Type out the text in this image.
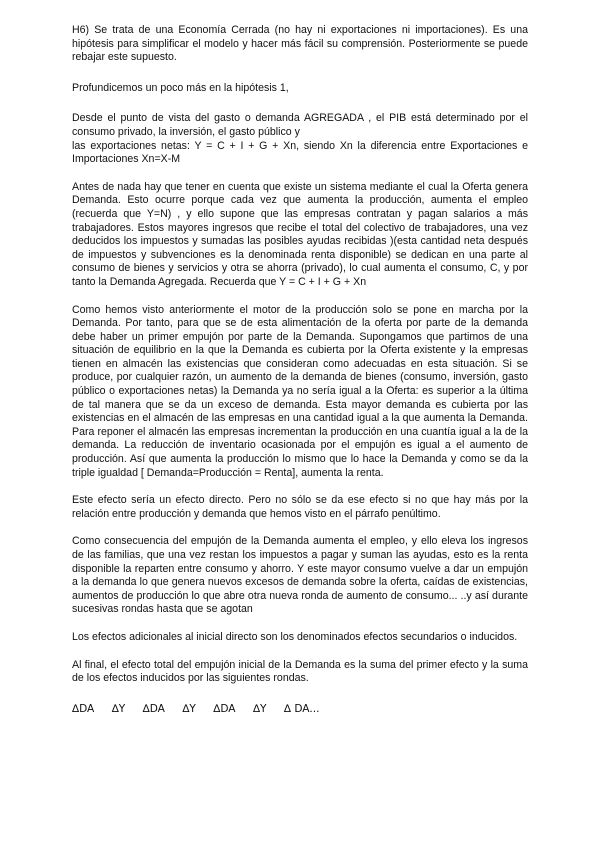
H6) Se trata de una Economía Cerrada (no hay ni exportaciones ni importaciones). Es una hipótesis para simplificar el modelo y hacer más fácil su comprensión. Posteriormente se puede rebajar este supuesto.

Profundicemos un poco más en la hipótesis 1,

Desde el punto de vista del gasto o demanda AGREGADA , el PIB está determinado por el consumo privado, la inversión, el gasto público y

las exportaciones netas: Y = C + I + G + Xn, siendo Xn la diferencia entre Exportaciones e Importaciones Xn=X-M

Antes de nada hay que tener en cuenta que existe un sistema mediante el cual la Oferta genera Demanda. Esto ocurre porque cada vez que aumenta la producción, aumenta el empleo (recuerda que Y=N) , y ello supone que las empresas contratan y pagan salarios a más trabajadores. Estos mayores ingresos que recibe el total del colectivo de trabajadores, una vez deducidos los impuestos y sumadas las posibles ayudas recibidas )(esta cantidad neta después de impuestos y subvenciones es la denominada renta disponible) se dedican en una parte al consumo de bienes y servicios y otra se ahorra (privado), lo cual aumenta el consumo, C, y por tanto la Demanda Agregada. Recuerda que Y = C + I + G + Xn

Como hemos visto anteriormente el motor de la producción solo se pone en marcha por la Demanda. Por tanto, para que se de esta alimentación de la oferta por parte de la demanda debe haber un primer empujón por parte de la Demanda. Supongamos que partimos de una situación de equilibrio en la que la Demanda es cubierta por la Oferta existente y la empresas tienen en almacén las existencias que consideran como adecuadas en esta situación. Si se produce, por cualquier razón, un aumento de la demanda de bienes (consumo, inversión, gasto público o exportaciones netas) la Demanda ya no sería igual a la Oferta: es superior a la última de tal manera que se da un exceso de demanda. Esta mayor demanda es cubierta por las existencias en el almacén de las empresas en una cantidad igual a la que aumenta la Demanda. Para reponer el almacén las empresas incrementan la producción en una cuantía igual a la de la demanda. La reducción de inventario ocasionada por el empujón es igual a el aumento de producción. Así que aumenta la producción lo mismo que lo hace la Demanda y como se da la triple igualdad [ Demanda=Producción = Renta], aumenta la renta.

Este efecto sería un efecto directo. Pero no sólo se da ese efecto si no que hay más por la relación entre producción y demanda que hemos visto en el párrafo penúltimo.

Como consecuencia del empujón de la Demanda aumenta el empleo, y ello eleva los ingresos de las familias, que una vez restan los impuestos a pagar y suman las ayudas, esto es la renta disponible la reparten entre consumo y ahorro. Y este mayor consumo vuelve a dar un empujón a la demanda lo que genera nuevos excesos de demanda sobre la oferta, caídas de existencias, aumentos de producción lo que abre otra nueva ronda de aumento de consumo... ..y así durante sucesivas rondas hasta que se agotan

Los efectos adicionales al inicial directo son los denominados efectos secundarios o inducidos.

Al final, el efecto total del empujón inicial de la Demanda es la suma del primer efecto y la suma de los efectos inducidos por las siguientes rondas.

∆DA ∆Y ∆DA ∆Y ∆DA ∆Y ∆ DA...
